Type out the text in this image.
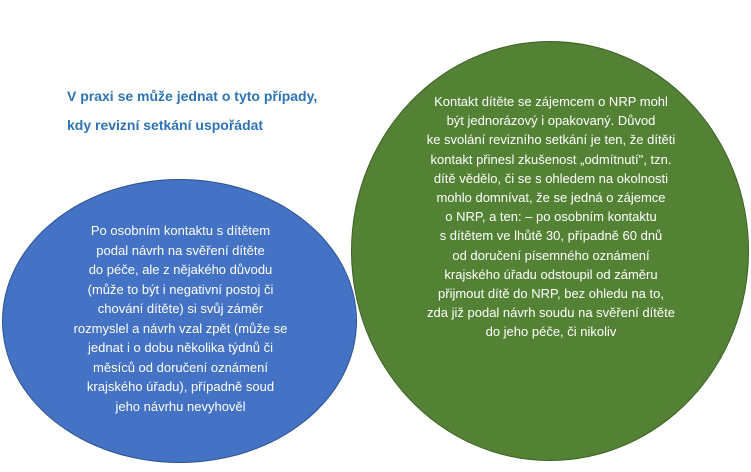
V praxi se může jednat o tyto případy,
kdy revizní setkání uspořádat
Po osobním kontaktu s dítětem
podal návrh na svěření dítěte
do péče, ale z nějakého důvodu
(může to být i negativní postoj či
chování dítěte) si svůj záměr
rozmyslel a návrh vzal zpět (může se
jednat i o dobu několika týdnů či
měsíců od doručení oznámení
krajského úřadu), případně soud
jeho návrhu nevyhověl
Kontakt dítěte se zájemcem o NRP mohl
být jednorázový i opakovaný. Důvod
ke svolání revizního setkání je ten, že dítěti
kontakt přinesl zkušenost „odmítnutí", tzn.
dítě vědělo, či se s ohledem na okolnosti
mohlo domnívat, že se jedná o zájemce
o NRP, a ten: – po osobním kontaktu
s dítětem ve lhůtě 30, případně 60 dnů
od doručení písemného oznámení
krajského úřadu odstoupil od záměru
přijmout dítě do NRP, bez ohledu na to,
zda již podal návrh soudu na svěření dítěte
do jeho péče, či nikoliv
